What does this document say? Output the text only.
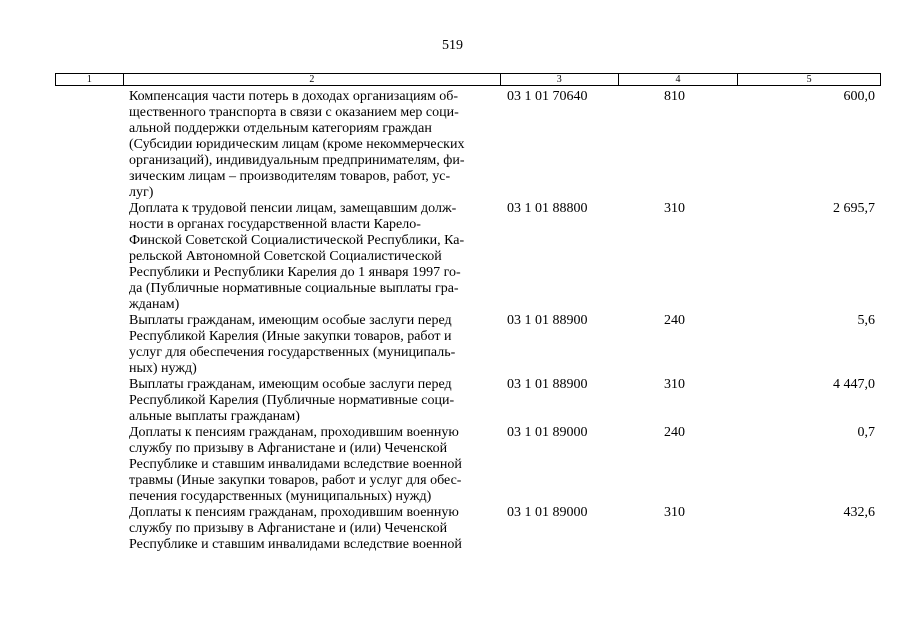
519
1	2	3	4	5
Компенсация части потерь в доходах организациям об-
щественного транспорта в связи с оказанием мер соци-
альной поддержки отдельным категориям граждан
(Субсидии юридическим лицам (кроме некоммерческих
организаций), индивидуальным предпринимателям, фи-
зическим лицам – производителям товаров, работ, ус-
луг)
03 1 01 70640	810	600,0
Доплата к трудовой пенсии лицам, замещавшим долж-
ности в органах государственной власти Карело-
Финской Советской Социалистической Республики, Ка-
рельской Автономной Советской Социалистической
Республики и Республики Карелия до 1 января 1997 го-
да (Публичные нормативные социальные выплаты гра-
жданам)
03 1 01 88800	310	2 695,7
Выплаты гражданам, имеющим особые заслуги перед
Республикой Карелия (Иные закупки товаров, работ и
услуг для обеспечения государственных (муниципаль-
ных) нужд)
03 1 01 88900	240	5,6
Выплаты гражданам, имеющим особые заслуги перед
Республикой Карелия (Публичные нормативные соци-
альные выплаты гражданам)
03 1 01 88900	310	4 447,0
Доплаты к пенсиям гражданам, проходившим военную
службу по призыву в Афганистане и (или) Чеченской
Республике и ставшим инвалидами вследствие военной
травмы (Иные закупки товаров, работ и услуг для обес-
печения государственных (муниципальных) нужд)
03 1 01 89000	240	0,7
Доплаты к пенсиям гражданам, проходившим военную
службу по призыву в Афганистане и (или) Чеченской
Республике и ставшим инвалидами вследствие военной
03 1 01 89000	310	432,6
